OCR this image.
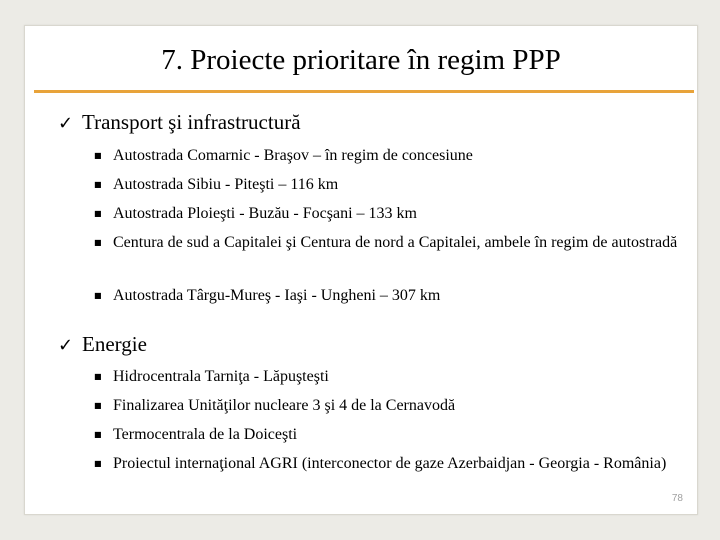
7. Proiecte prioritare în regim PPP
✓ Transport şi infrastructură
■ Autostrada Comarnic - Braşov – în regim de concesiune
■ Autostrada Sibiu - Piteşti – 116 km
■ Autostrada Ploieşti - Buzău - Focşani – 133 km
■ Centura de sud a Capitalei şi Centura de nord a Capitalei, ambele în regim de autostradă
■ Autostrada Târgu-Mureş - Iaşi - Ungheni – 307 km
✓ Energie
■ Hidrocentrala Tarniţa - Lăpuşteşti
■ Finalizarea Unităţilor nucleare 3 şi 4 de la Cernavodă
■ Termocentrala de la Doiceşti
■ Proiectul internaţional AGRI (interconector de gaze Azerbaidjan - Georgia - România)
78
